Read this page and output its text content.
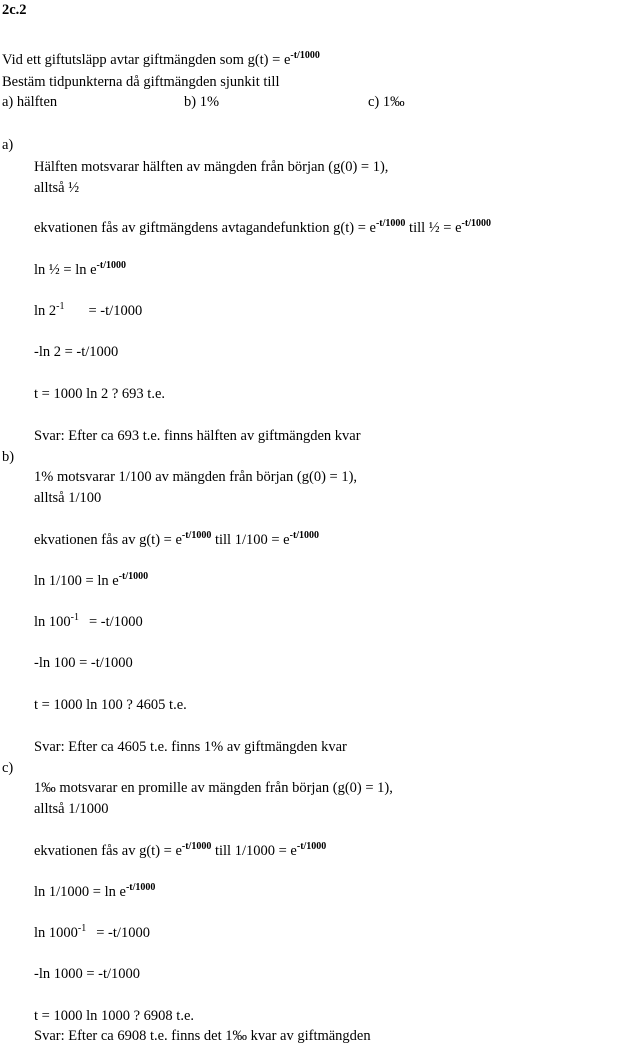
2c.2
Vid ett giftutsläpp avtar giftmängden som $g(t) = e^{-t/1000}$
Bestäm tidpunkterna då giftmängden sjunkit till
a) hälften	b) 1%	c) 1‰
a)
Hälften motsvarar hälften av mängden från början (g(0) = 1),
alltså ½
ekvationen fås av giftmängdens avtagandefunktion $g(t) = e^{-t/1000}$ till ½ = $e^{-t/1000}$
ln ½ = $\ln e^{-t/1000}$
$\ln 2^{-1} = -t/1000$
-ln 2 = -t/1000
t = 1000 ln 2 ? 693 t.e.
Svar: Efter ca 693 t.e. finns hälften av giftmängden kvar
b)
1% motsvarar 1/100 av mängden från början (g(0) = 1),
alltså 1/100
ekvationen fås av $g(t) = e^{-t/1000}$ till $1/100 = e^{-t/1000}$
$\ln 1/100 = \ln e^{-t/1000}$
$\ln 100^{-1} = -t/1000$
-ln 100 = -t/1000
t = 1000 ln 100 ? 4605 t.e.
Svar: Efter ca 4605 t.e. finns 1% av giftmängden kvar
c)
1‰ motsvarar en promille av mängden från början (g(0) = 1),
alltså 1/1000
ekvationen fås av $g(t) = e^{-t/1000}$ till $1/1000 = e^{-t/1000}$
$\ln 1/1000 = \ln e^{-t/1000}$
$\ln 1000^{-1} = -t/1000$
-ln 1000 = -t/1000
t = 1000 ln 1000 ? 6908 t.e.
Svar: Efter ca 6908 t.e. finns det 1‰ kvar av giftmängden
